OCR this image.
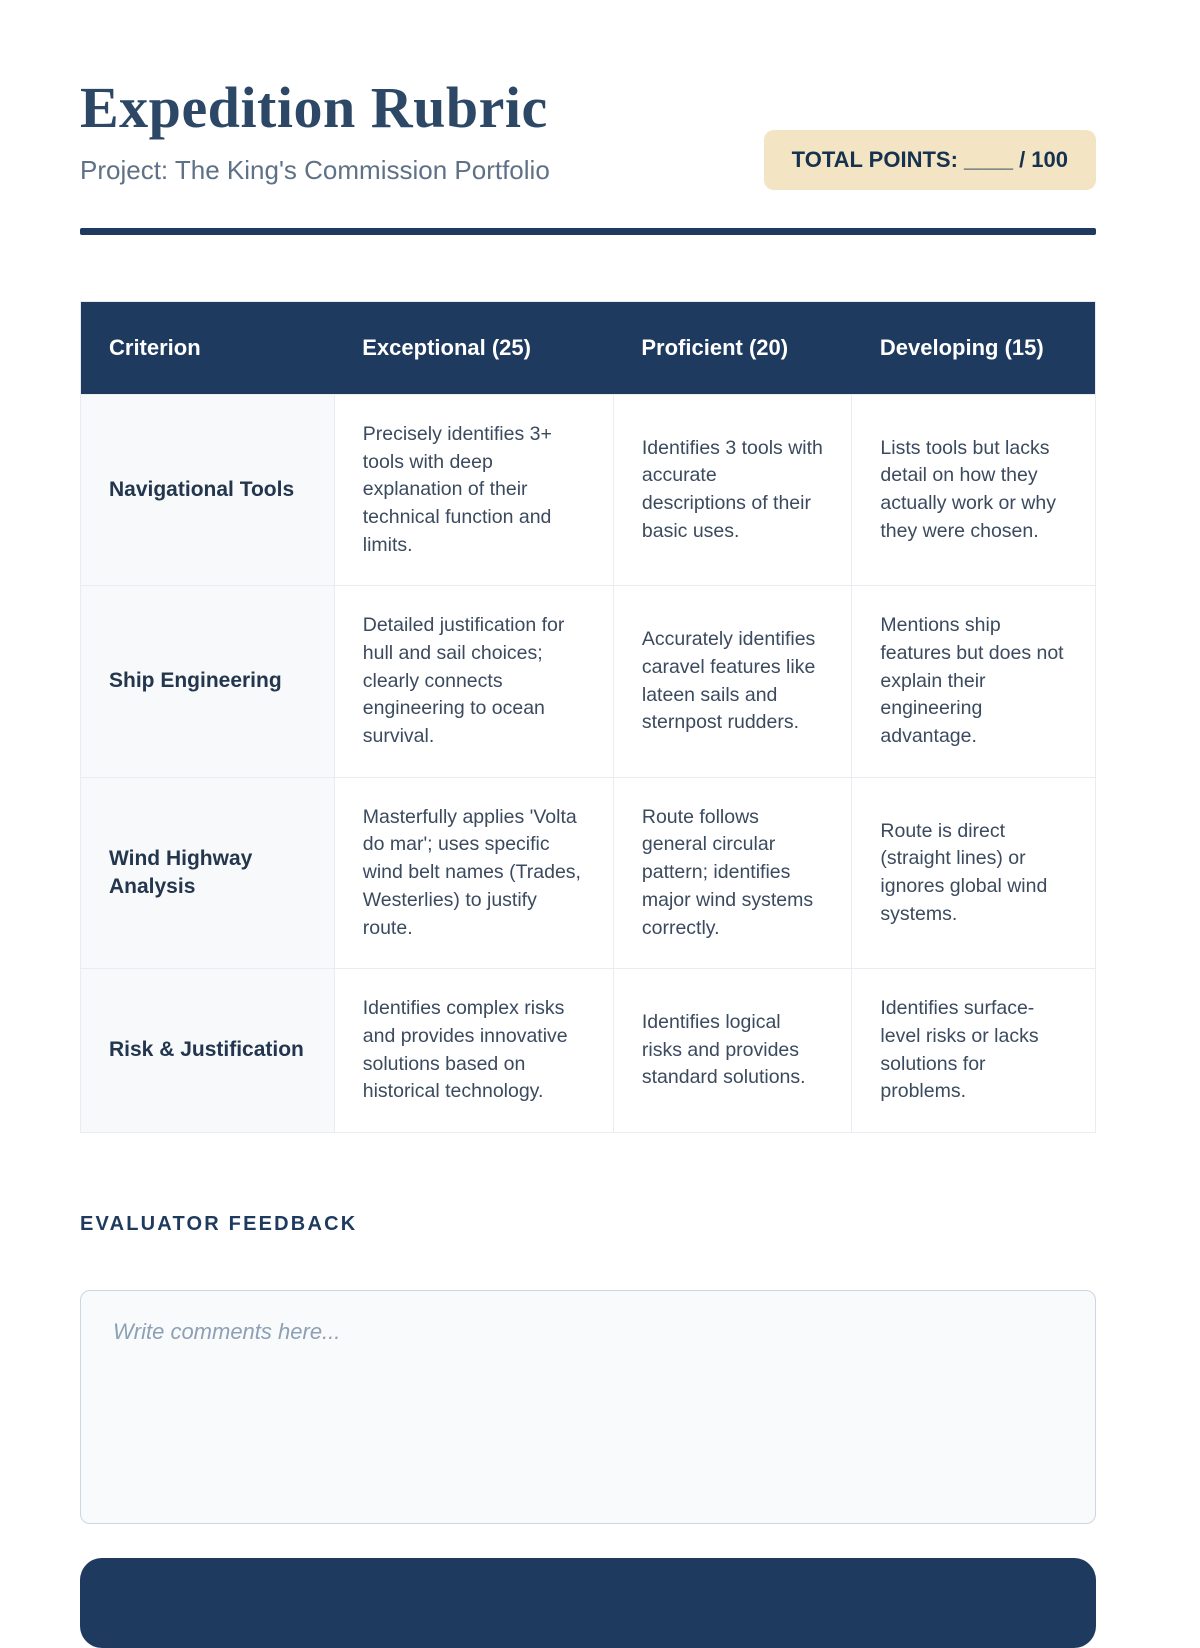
Expedition Rubric
Project: The King's Commission Portfolio	TOTAL POINTS: ____ / 100
Criterion	Exceptional (25)	Proficient (20)	Developing (15)
Navigational Tools	Precisely identifies 3+ tools with deep explanation of their technical function and limits.	Identifies 3 tools with accurate descriptions of their basic uses.	Lists tools but lacks detail on how they actually work or why they were chosen.
Ship Engineering	Detailed justification for hull and sail choices; clearly connects engineering to ocean survival.	Accurately identifies caravel features like lateen sails and sternpost rudders.	Mentions ship features but does not explain their engineering advantage.
Wind Highway Analysis	Masterfully applies 'Volta do mar'; uses specific wind belt names (Trades, Westerlies) to justify route.	Route follows general circular pattern; identifies major wind systems correctly.	Route is direct (straight lines) or ignores global wind systems.
Risk & Justification	Identifies complex risks and provides innovative solutions based on historical technology.	Identifies logical risks and provides standard solutions.	Identifies surface-level risks or lacks solutions for problems.
EVALUATOR FEEDBACK
Write comments here...
